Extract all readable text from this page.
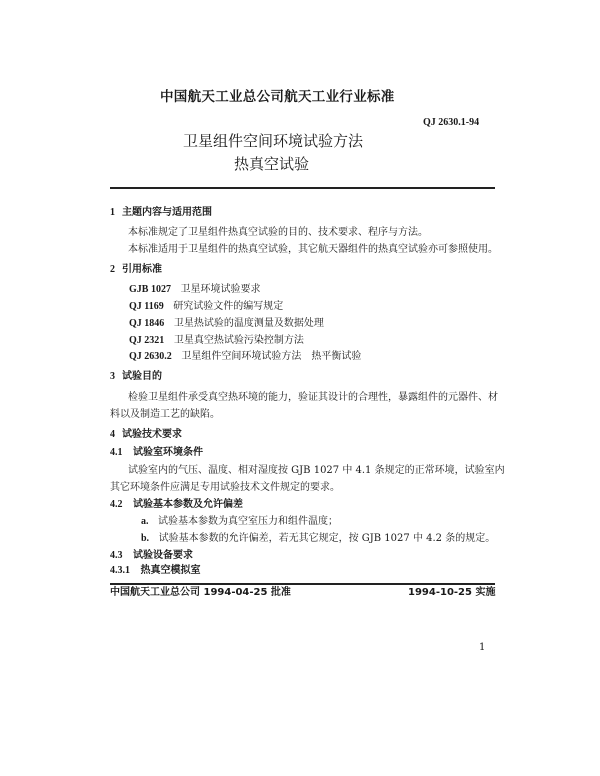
中国航天工业总公司航天工业行业标准
QJ 2630.1-94
卫星组件空间环境试验方法
热真空试验
1 主题内容与适用范围
本标准规定了卫星组件热真空试验的目的、技术要求、程序与方法。
本标准适用于卫星组件的热真空试验，其它航天器组件的热真空试验亦可参照使用。
2 引用标准
GJB 1027 卫星环境试验要求
QJ 1169 研究试验文件的编写规定
QJ 1846 卫星热试验的温度测量及数据处理
QJ 2321 卫星真空热试验污染控制方法
QJ 2630.2 卫星组件空间环境试验方法　热平衡试验
3 试验目的
检验卫星组件承受真空热环境的能力，验证其设计的合理性，暴露组件的元器件、材
料以及制造工艺的缺陷。
4 试验技术要求
4.1 试验室环境条件
试验室内的气压、温度、相对湿度按 GJB 1027 中 4.1 条规定的正常环境，试验室内
其它环境条件应满足专用试验技术文件规定的要求。
4.2 试验基本参数及允许偏差
a. 试验基本参数为真空室压力和组件温度；
b. 试验基本参数的允许偏差，若无其它规定，按 GJB 1027 中 4.2 条的规定。
4.3 试验设备要求
4.3.1 热真空模拟室
中国航天工业总公司 1994-04-25 批准	1994-10-25 实施
1
